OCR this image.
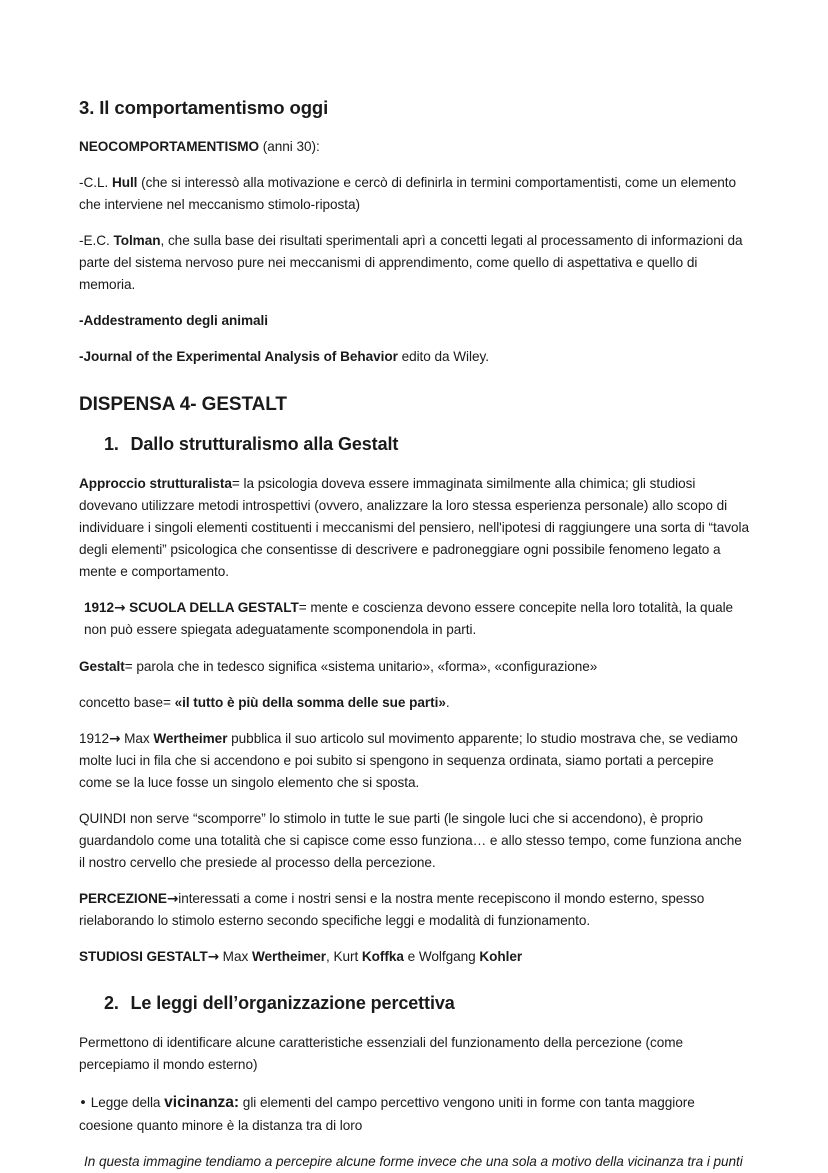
3. Il comportamentismo oggi

NEOCOMPORTAMENTISMO (anni 30):

-C.L. Hull (che si interessò alla motivazione e cercò di definirla in termini comportamentisti, come un elemento che interviene nel meccanismo stimolo-riposta)

-E.C. Tolman, che sulla base dei risultati sperimentali aprì a concetti legati al processamento di informazioni da parte del sistema nervoso pure nei meccanismi di apprendimento, come quello di aspettativa e quello di memoria.

-Addestramento degli animali

-Journal of the Experimental Analysis of Behavior edito da Wiley.

DISPENSA 4- GESTALT
1. Dallo strutturalismo alla Gestalt

Approccio strutturalista= la psicologia doveva essere immaginata similmente alla chimica; gli studiosi dovevano utilizzare metodi introspettivi (ovvero, analizzare la loro stessa esperienza personale) allo scopo di individuare i singoli elementi costituenti i meccanismi del pensiero, nell'ipotesi di raggiungere una sorta di “tavola degli elementi” psicologica che consentisse di descrivere e padroneggiare ogni possibile fenomeno legato a mente e comportamento.

1912→ SCUOLA DELLA GESTALT= mente e coscienza devono essere concepite nella loro totalità, la quale non può essere spiegata adeguatamente scomponendola in parti.

Gestalt= parola che in tedesco significa «sistema unitario», «forma», «configurazione»

concetto base= «il tutto è più della somma delle sue parti».

1912→ Max Wertheimer pubblica il suo articolo sul movimento apparente; lo studio mostrava che, se vediamo molte luci in fila che si accendono e poi subito si spengono in sequenza ordinata, siamo portati a percepire come se la luce fosse un singolo elemento che si sposta.

QUINDI non serve “scomporre” lo stimolo in tutte le sue parti (le singole luci che si accendono), è proprio guardandolo come una totalità che si capisce come esso funziona… e allo stesso tempo, come funziona anche il nostro cervello che presiede al processo della percezione.

PERCEZIONE→interessati a come i nostri sensi e la nostra mente recepiscono il mondo esterno, spesso rielaborando lo stimolo esterno secondo specifiche leggi e modalità di funzionamento.

STUDIOSI GESTALT→ Max Wertheimer, Kurt Koffka e Wolfgang Kohler

2. Le leggi dell’organizzazione percettiva

Permettono di identificare alcune caratteristiche essenziali del funzionamento della percezione (come percepiamo il mondo esterno)

• Legge della vicinanza: gli elementi del campo percettivo vengono uniti in forme con tanta maggiore coesione quanto minore è la distanza tra di loro

In questa immagine tendiamo a percepire alcune forme invece che una sola a motivo della vicinanza tra i punti
